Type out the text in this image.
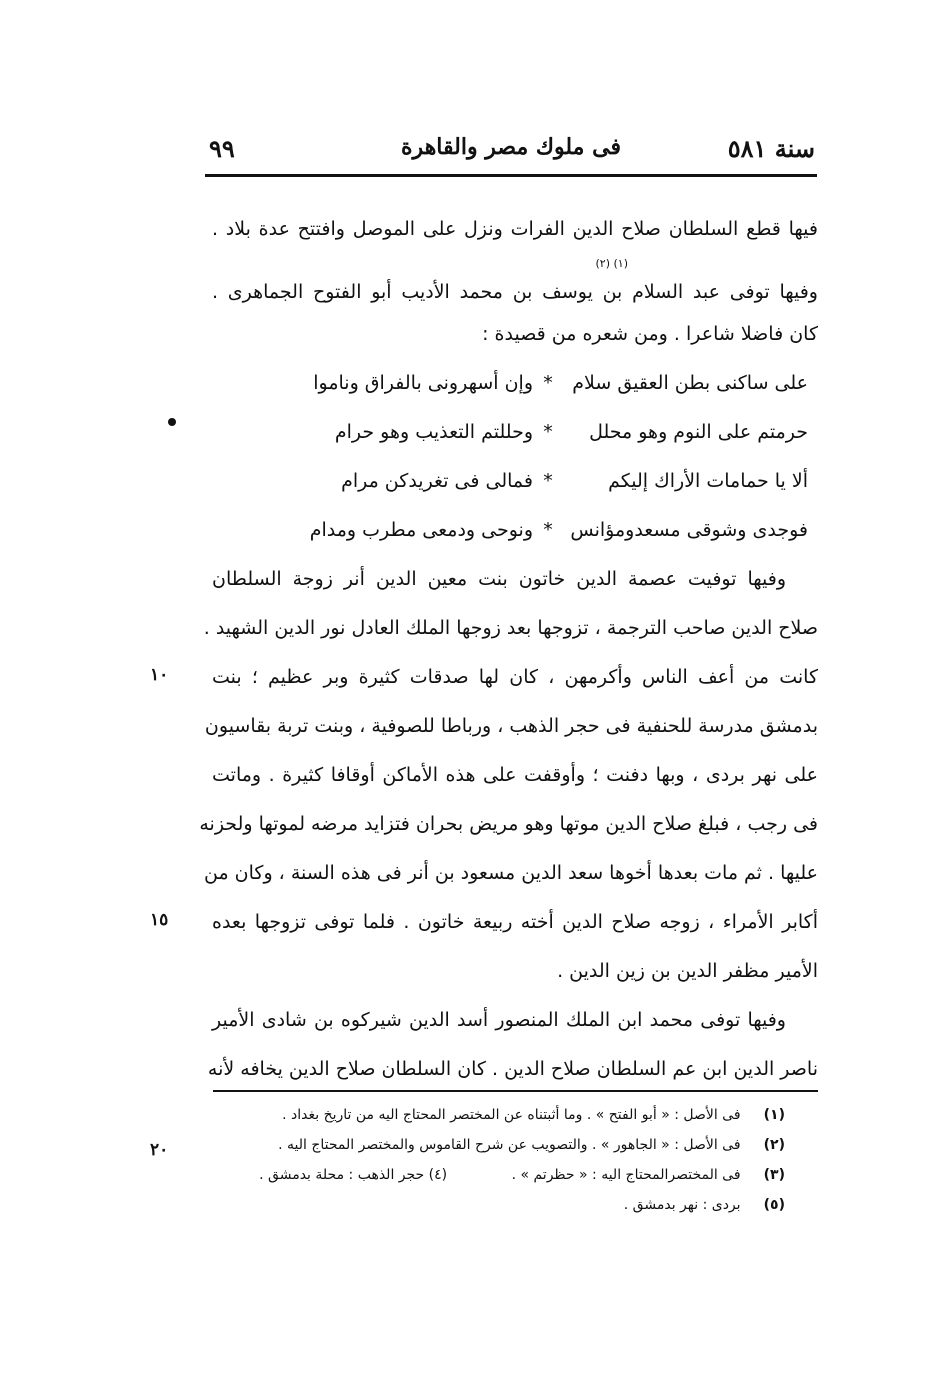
٩٩	فى ملوك مصر والقاهرة	سنة ٥٨١
فيها قطع السلطان صلاح الدين الفرات ونزل على الموصل وافتتح عدة بلاد .
(١) (٢)
وفيها توفى عبد السلام بن يوسف بن محمد الأديب أبو الفتوح الجماهرى .
كان فاضلا شاعرا . ومن شعره من قصيدة :
على ساكنى بطن العقيق سلام
*
وإن أسهرونى بالفراق وناموا
حرمتم على النوم وهو محلل
*
وحللتم التعذيب وهو حرام
ألا يا حمامات الأراك إليكم
*
فمالى فى تغريدكن مرام
فوجدى وشوقى مسعدومؤانس
*
ونوحى ودمعى مطرب ومدام
وفيها توفيت عصمة الدين خاتون بنت معين الدين أنر زوجة السلطان
صلاح الدين صاحب الترجمة ، تزوجها بعد زوجها الملك العادل نور الدين الشهيد .
كانت من أعف الناس وأكرمهن ، كان لها صدقات كثيرة وبر عظيم ؛ بنت
بدمشق مدرسة للحنفية فى حجر الذهب ، ورباطا للصوفية ، وبنت تربة بقاسيون
على نهر بردى ، وبها دفنت ؛ وأوقفت على هذه الأماكن أوقافا كثيرة . وماتت
فى رجب ، فبلغ صلاح الدين موتها وهو مريض بحران فتزايد مرضه لموتها ولحزنه
عليها . ثم مات بعدها أخوها سعد الدين مسعود بن أنر فى هذه السنة ، وكان من
أكابر الأمراء ، زوجه صلاح الدين أخته ربيعة خاتون . فلما توفى تزوجها بعده
الأمير مظفر الدين بن زين الدين .
وفيها توفى محمد ابن الملك المنصور أسد الدين شيركوه بن شادى الأمير
ناصر الدين ابن عم السلطان صلاح الدين . كان السلطان صلاح الدين يخافه لأنه
١٠
١٥
٢٠
(١) فى الأصل : « أبو الفتح » . وما أثبتناه عن المختصر المحتاج اليه من تاريخ بغداد .
(٢) فى الأصل : « الجاهور » . والتصويب عن شرح القاموس والمختصر المحتاج اليه .
(٣) فى المختصرالمحتاج اليه : « حظرتم » . (٤) حجر الذهب : محلة بدمشق .
(٥) بردى : نهر بدمشق .
